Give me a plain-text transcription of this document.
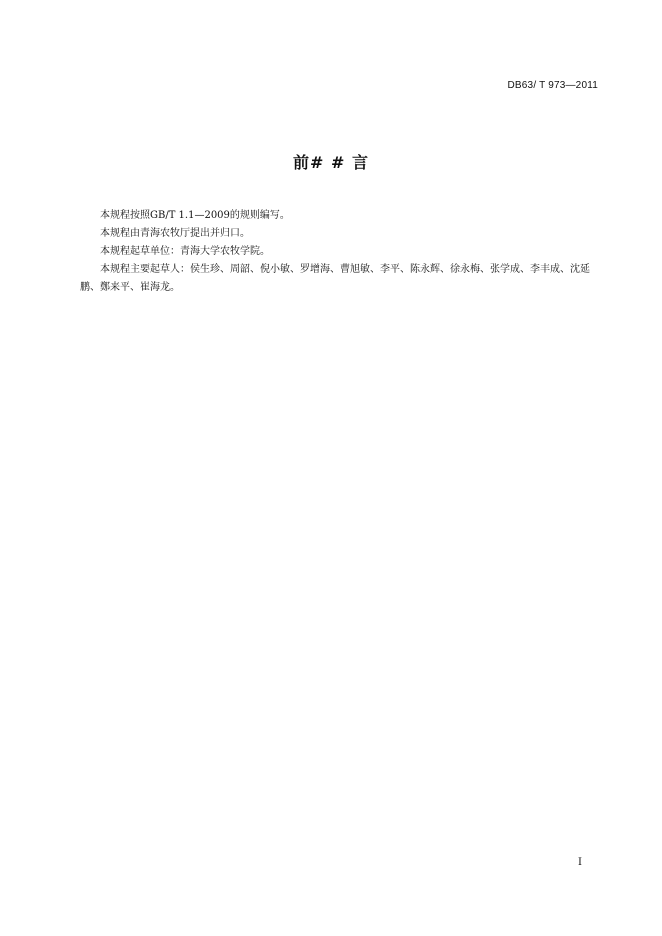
DB63/ T 973—2011
前# # 言

本规程按照GB/T 1.1—2009的规则编写。

本规程由青海农牧厅提出并归口。

本规程起草单位：青海大学农牧学院。

本规程主要起草人：侯生珍、周韶、倪小敏、罗增海、曹旭敏、李平、陈永辉、徐永梅、张学成、李丰成、沈延鹏、鄭来平、崔海龙。

I
